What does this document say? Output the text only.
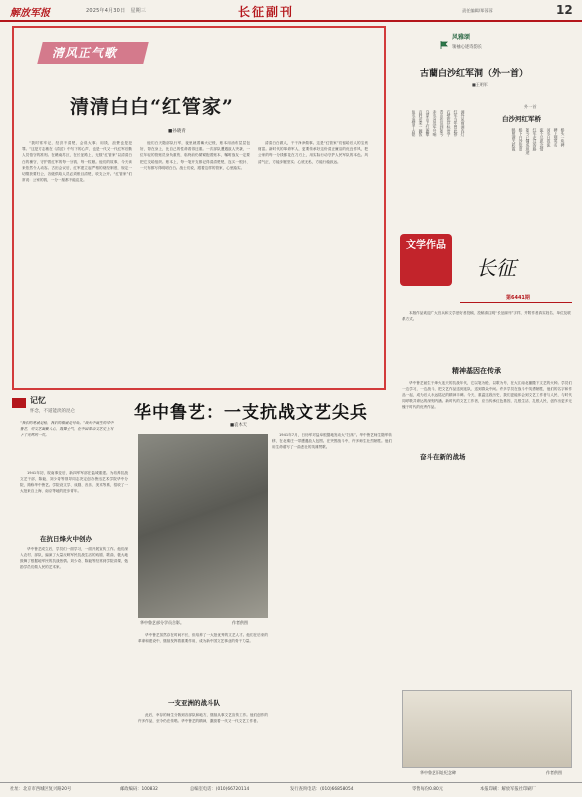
解放军报	2025年4月30日　星期三	长征副刊	责任编辑/郑蓉蓉	12
清风正气歌
清清白白“红管家”
■孙晓青
“我时常牢记，经济不清楚，会误大事；用钱，浪费也是犯罪。”这是方志敏在《清贫》中写下的心声，也是一代又一代红军后勤人员恪守的准则。在赣南苏区，在长征路上，无数“红管家”以清清白白的操守，守护着红军的每一分钱、每一粒粮。他们的故事，今天读来依然令人动容。古田会议后，红军建立起严格的财经制度，规定一切缴获要归公，各级供给人员必须账目清楚，收支公开。“红管家”们常说：公家的钱，一分一厘都不能乱花。
他们白天随部队行军，夜里就着篝火记账，账本用油布层层包好，背在身上，比自己的性命看得还重。一次部队遭遇敌人突袭，一位年轻的管账员身负重伤，临终前仍紧紧抱着账本，嘱咐战友一定要把它交给组织。账本上，每一笔开支都记得清清楚楚，连买一根针、一尺布都写得明明白白。战士们说，跟着这样的管家，心里踏实。
清清白白做人，干干净净做事。这是“红管家”们留给后人的宝贵财富。新时代的革命军人，更要传承好这份清正廉洁的优良作风，把公家的每一分钱都花在刀刃上，用实际行动守护人民军队的本色。风清气正，方能步履坚实；心底无私，方能行稳致远。
风雅颂
领袖心迹诗韵长
古藺白沙红军洞（外一首）
■王明军
外一首
白沙河红军桥
洞外风雨洞内灯
红军当年曾此停
石壁犹存标语字
青山作证到如今
赤水河边军号响
乌蒙山上红旗擎
百姓送来一碗饭
鱼水深情千古铭
桥头一块碑
碑上刻英名
河水日夜流
流不尽思念情
红军走过的路
如今已铺成坦途
桥下白沙依旧
映照满天彩霞
文学作品
长征
第6441期
本版作品欢迎广大官兵和文学爱好者投稿，投稿请注明“长征副刊”字样，并附作者真实姓名、单位及联系方式。
精神基因在传承
华中鲁艺诞生于烽火连天的抗战年代，它以笔为枪、以歌为号，在大江南北播撒下文艺的火种。学员们一边学习，一边战斗，把文艺作品送到连队、送到群众中间。许多学员在战斗中英勇牺牲，他们的名字和作品一起，成为后人永远铭记的精神丰碑。今天，重温这段历史，我们更能体会到文艺工作者与人民、与时代同呼吸共命运的深刻内涵。新时代的文艺工作者，应当传承红色基因，扎根生活、扎根人民，创作出更多无愧于时代的优秀作品。
记忆
怀念，不道能淡的昆仑
“我们的笔就是枪，我们的歌就是号角。”战火中诞生的华中鲁艺，用文艺凝聚人心，鼓舞士气，在中国革命文艺史上写下了光辉的一页。
华中鲁艺：一支抗战文艺尖兵
■袁木天
1941年初，皖南事变后，新四军军部在盐城重建。为培养抗战文艺干部，陈毅、刘少奇等领导同志决定创办鲁迅艺术学院华中分院，简称华中鲁艺。学院设文学、戏剧、音乐、美术等系，招收了一大批来自上海、南京等地的进步青年。
在抗日烽火中创办
华中鲁艺成立后，学员们一面学习，一面开展宣传工作。他们深入农村、部队，编演了大量反映军民抗战生活的戏剧、歌曲，极大地鼓舞了根据地军民的抗战热情。刘少奇、陈毅等经常到学院讲课，勉励学员们做人民的艺术家。
华中鲁艺部分学员合影。	作者供图
1941年7月，日伪军对盐阜根据地发动大“扫荡”。华中鲁艺师生随军转移，在北秦庄一带遭遇敌人包围。在突围战斗中，许多师生壮烈牺牲。他们用生命谱写了一曲悲壮的英雄赞歌。
华中鲁艺虽然存在时间不长，但培养了一大批优秀的文艺人才。他们在后来的革命和建设中，继续发挥着重要作用，成为新中国文艺事业的骨干力量。
一支亚洲的战斗队
此后，幸存的师生分散到各部队和地方，继续从事文艺宣传工作。他们创作的许多作品，至今仍在传唱。华中鲁艺的精神，激励着一代又一代文艺工作者。
奋斗在新的战场
华中鲁艺旧址纪念碑	作者供图
社址：北京市西城区复兴路20号	邮政编码：100832	总编室电话：(010)66720114	发行查询电话：(010)66858054	零售每份0.80元	本报印刷：解放军报社印刷厂
